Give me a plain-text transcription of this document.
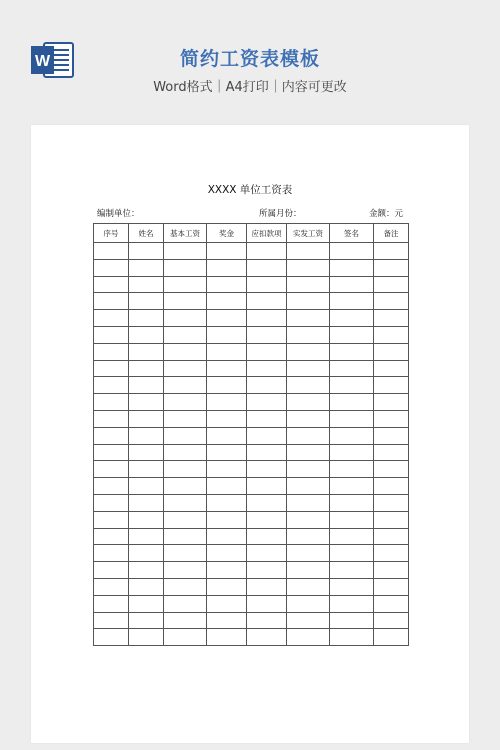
W	简约工资表模板
Word格式｜A4打印｜内容可更改
XXXX 单位工资表
编制单位：	所属月份：	金额：元
序号	姓名	基本工资	奖金	应扣款项	实发工资	签名	备注
